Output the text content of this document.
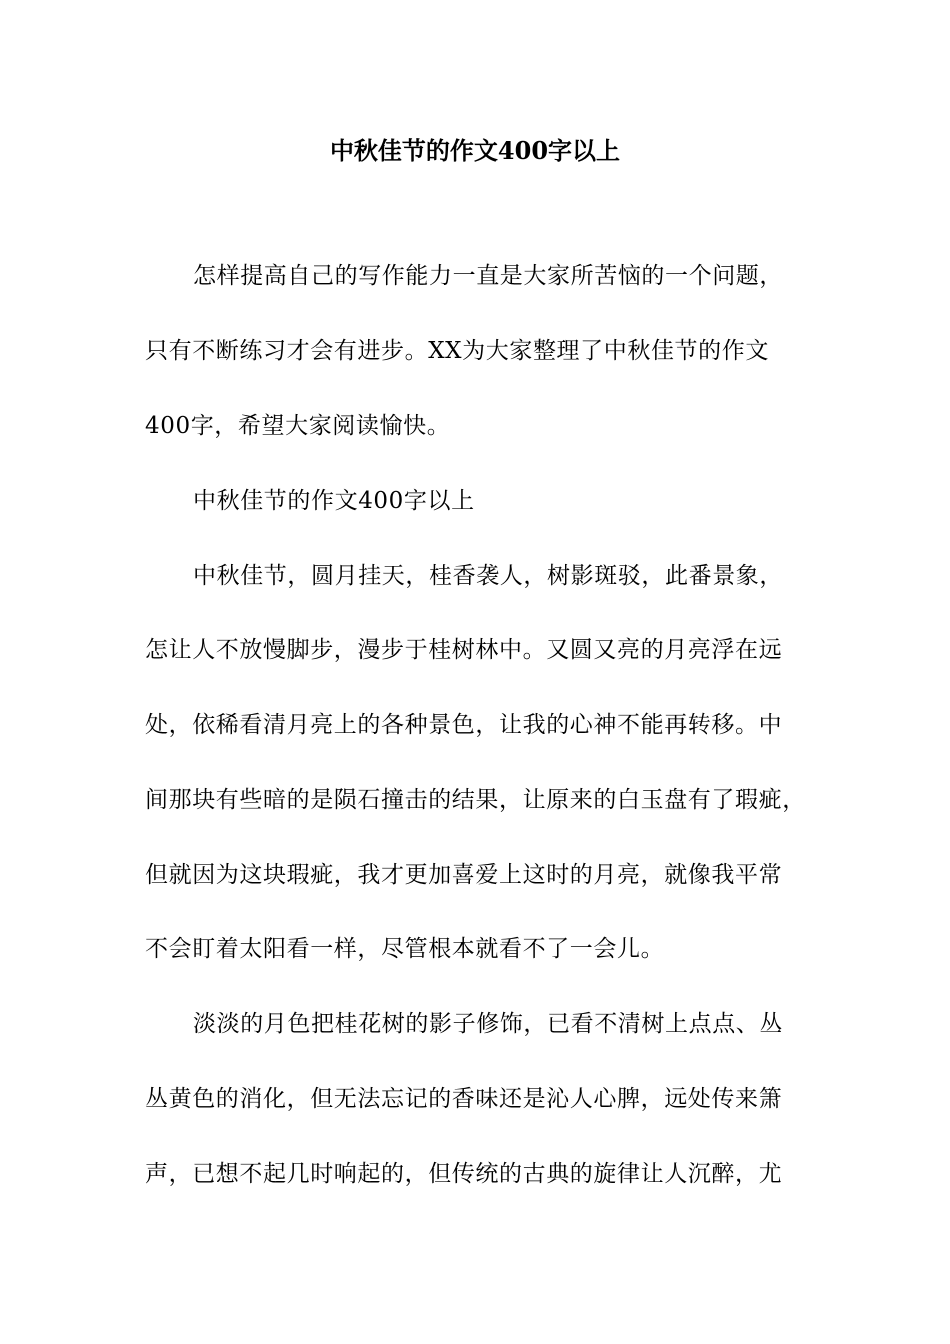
中秋佳节的作文400字以上
怎样提高自己的写作能力一直是大家所苦恼的一个问题，
只有不断练习才会有进步。XX为大家整理了中秋佳节的作文
400字，希望大家阅读愉快。
中秋佳节的作文400字以上
中秋佳节，圆月挂天，桂香袭人，树影斑驳，此番景象，
怎让人不放慢脚步，漫步于桂树林中。又圆又亮的月亮浮在远
处，依稀看清月亮上的各种景色，让我的心神不能再转移。中
间那块有些暗的是陨石撞击的结果，让原来的白玉盘有了瑕疵，
但就因为这块瑕疵，我才更加喜爱上这时的月亮，就像我平常
不会盯着太阳看一样，尽管根本就看不了一会儿。
淡淡的月色把桂花树的影子修饰，已看不清树上点点、丛
丛黄色的消化，但无法忘记的香味还是沁人心脾，远处传来箫
声，已想不起几时响起的，但传统的古典的旋律让人沉醉，尤
